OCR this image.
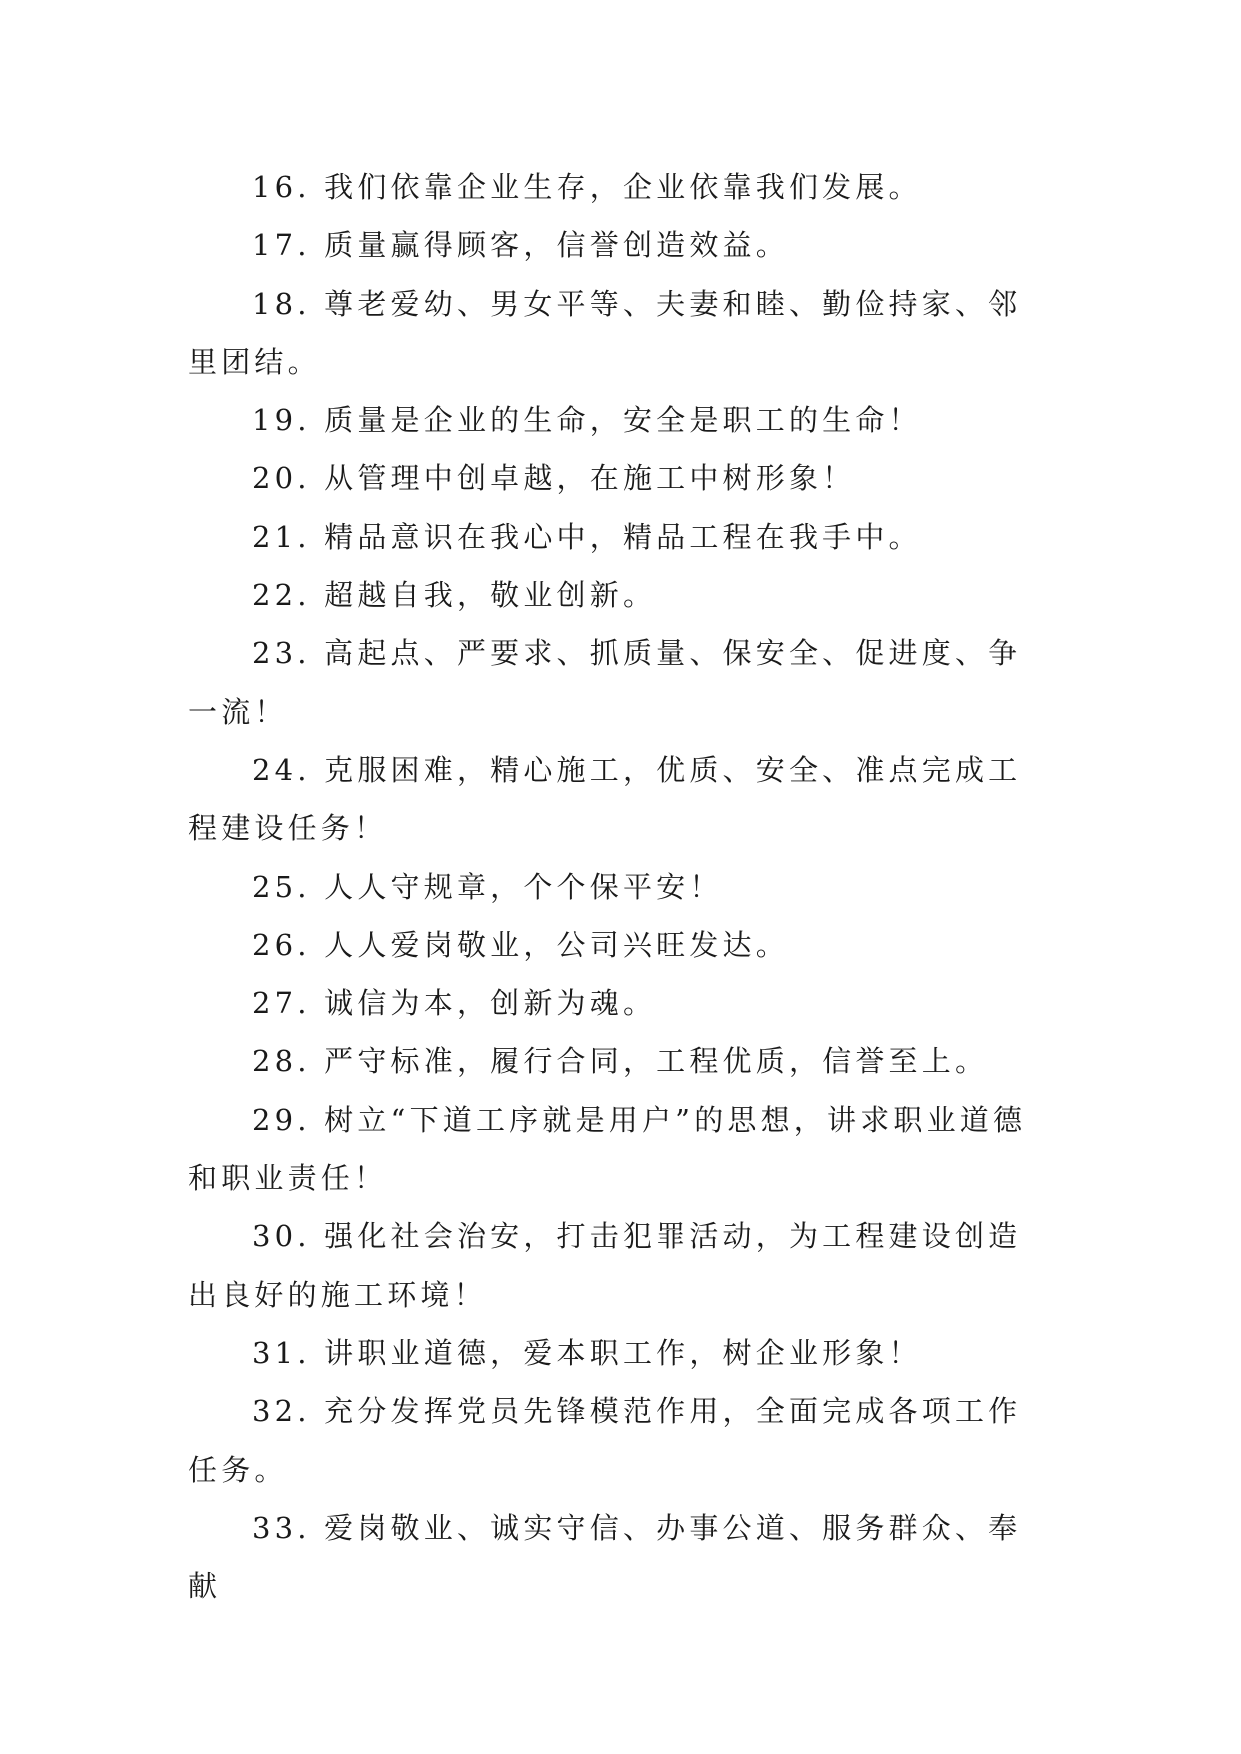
16. 我们依靠企业生存，企业依靠我们发展。

17. 质量赢得顾客，信誉创造效益。

18. 尊老爱幼、男女平等、夫妻和睦、勤俭持家、邻里团结。

19. 质量是企业的生命，安全是职工的生命！

20. 从管理中创卓越，在施工中树形象！

21. 精品意识在我心中，精品工程在我手中。

22. 超越自我，敬业创新。

23. 高起点、严要求、抓质量、保安全、促进度、争一流！

24. 克服困难，精心施工，优质、安全、准点完成工程建设任务！

25. 人人守规章，个个保平安！

26. 人人爱岗敬业，公司兴旺发达。

27. 诚信为本，创新为魂。

28. 严守标准，履行合同，工程优质，信誉至上。

29. 树立“下道工序就是用户”的思想，讲求职业道德和职业责任！

30. 强化社会治安，打击犯罪活动，为工程建设创造出良好的施工环境！

31. 讲职业道德，爱本职工作，树企业形象！

32. 充分发挥党员先锋模范作用，全面完成各项工作任务。

33. 爱岗敬业、诚实守信、办事公道、服务群众、奉献
